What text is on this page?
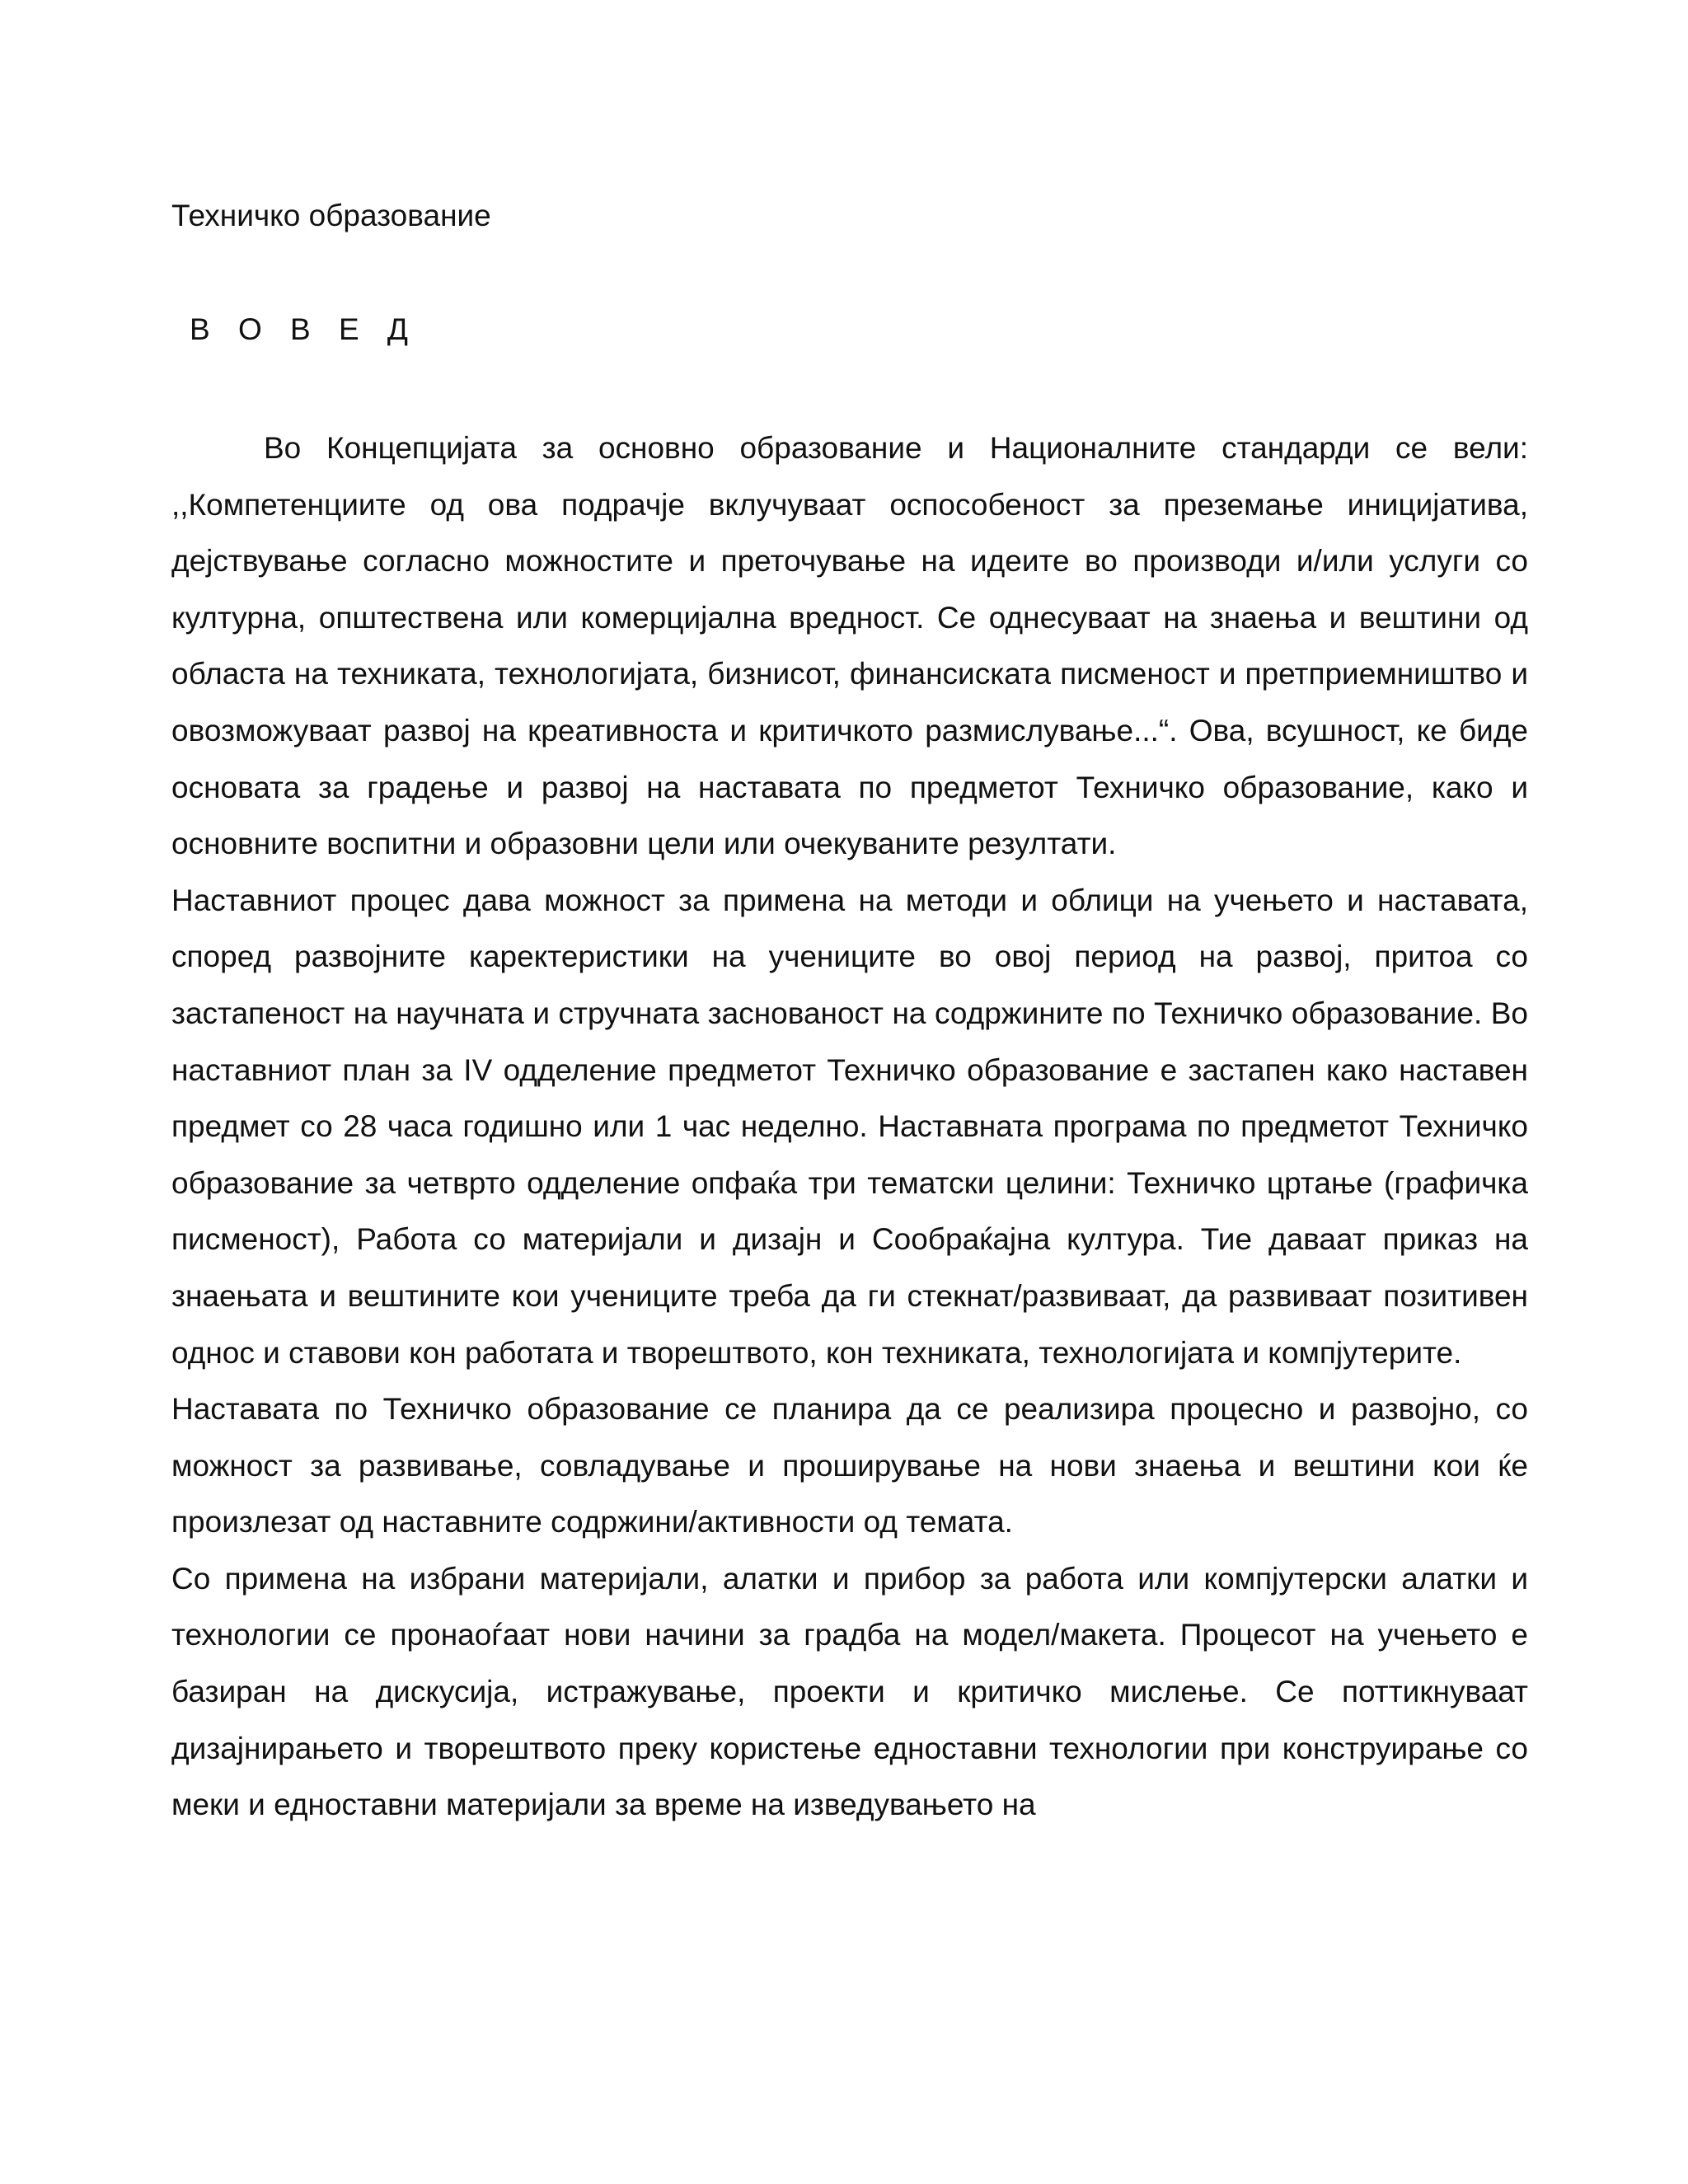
Техничко образование
В О В Е Д

Во Концепцијата за основно образование и Националните стандарди се вели: ,,Компетенциите од ова подрачје вклучуваат оспособеност за преземање иницијатива, дејствување согласно можностите и преточување на идеите во производи и/или услуги со културна, општествена или комерцијална вредност. Се однесуваат на знаења и вештини од областа на техниката, технологијата, бизнисот, финансиската писменост и претприемништво и овозможуваат развој на креативноста и критичкото размислување...“. Ова, всушност, ке биде основата за градење и развој на наставата по предметот Техничко образование, како и основните воспитни и образовни цели или очекуваните резултати.

Наставниот процес дава можност за примена на методи и облици на учењето и наставата, според развојните каректеристики на учениците во овој период на развој, притоа со застапеност на научната и стручната заснованост на содржините по Техничко образование. Во наставниот план за IV одделение предметот Техничко образование е застапен како наставен предмет со 28 часа годишно или 1 час неделно. Наставната програма по предметот Техничко образование за четврто одделение опфаќа три тематски целини: Техничко цртање (графичка писменост), Работа со материјали и дизајн и Сообраќајна култура. Тие даваат приказ на знаењата и вештините кои учениците треба да ги стекнат/развиваат, да развиваат позитивен однос и ставови кон работата и творештвото, кон техниката, технологијата и компјутерите.

Наставата по Техничко образование се планира да се реализира процесно и развојно, со можност за развивање, совладување и проширување на нови знаења и вештини кои ќе произлезат од наставните содржини/активности од темата.

Со примена на избрани материјали, алатки и прибор за работа или компјутерски алатки и технологии се пронаоѓаат нови начини за градба на модел/макета. Процесот на учењето е базиран на дискусија, истражување, проекти и критичко мислење. Се поттикнуваат дизајнирањето и творештвото преку користење едноставни технологии при конструирање со меки и едноставни материјали за време на изведувањето на
